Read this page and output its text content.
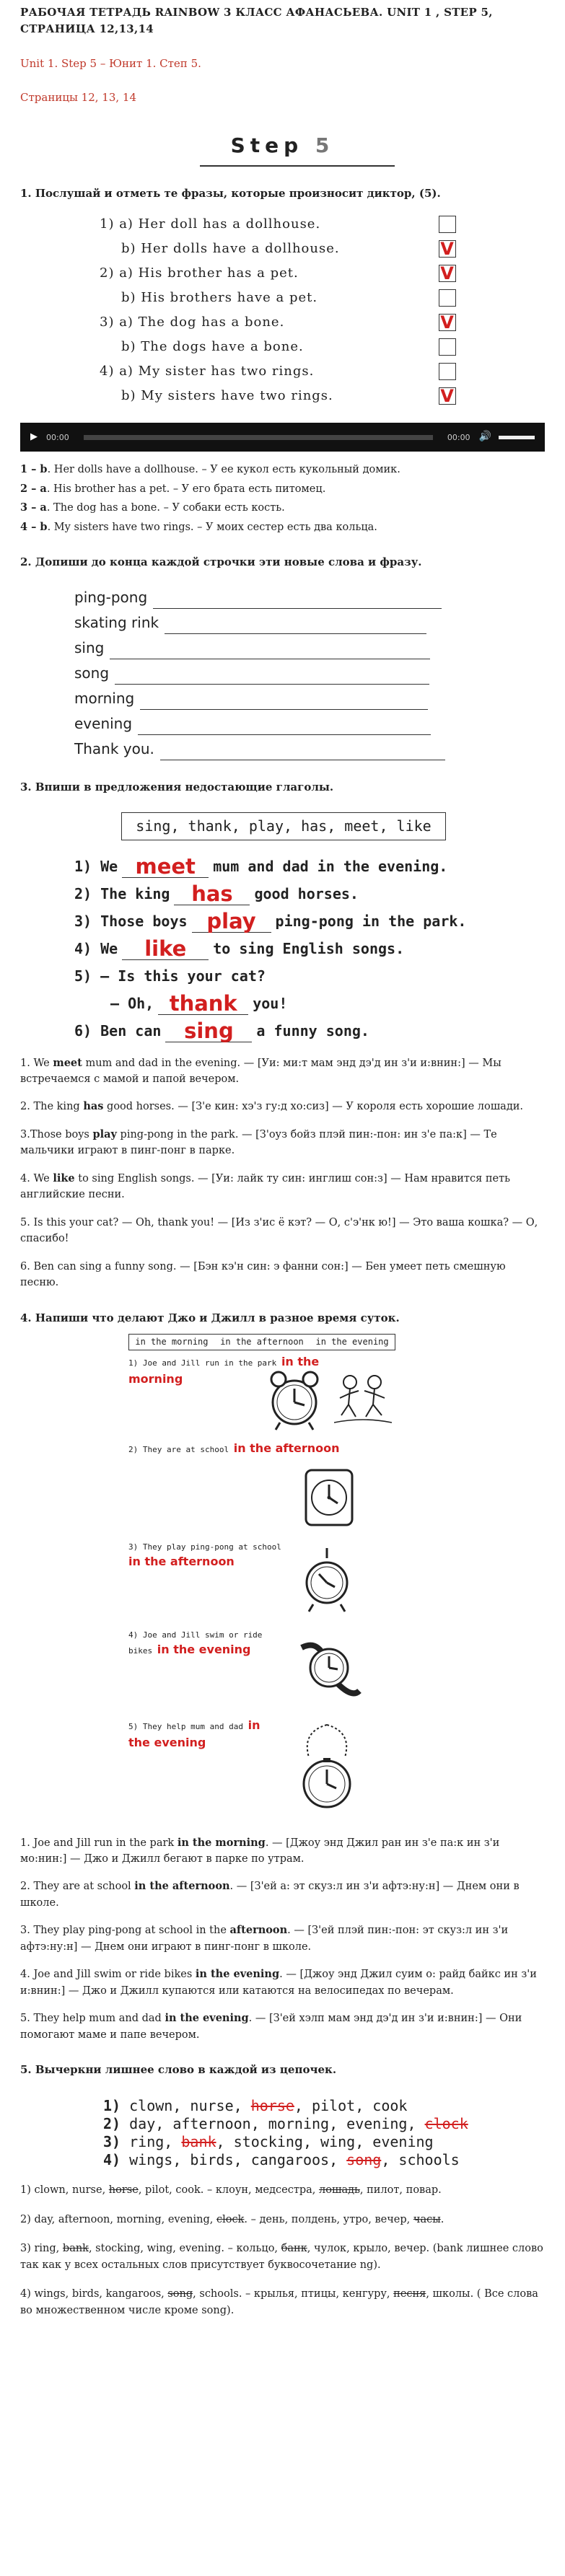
РАБОЧАЯ ТЕТРАДЬ RAINBOW 3 КЛАСС АФАНАСЬЕВА. UNIT 1 , STEP 5, СТРАНИЦА 12,13,14
Unit 1. Step 5 – Юнит 1. Степ 5.
Страницы 12, 13, 14
Step 5
1. Послушай и отметь те фразы, которые произносит диктор, (5).
1) a) Her doll has a dollhouse.
b) Her dolls have a dollhouse.	V
2) a) His brother has a pet.	V
b) His brothers have a pet.
3) a) The dog has a bone.	V
b) The dogs have a bone.
4) a) My sister has two rings.
b) My sisters have two rings.	V
▶ 00:00	00:00 🔊

1 – b. Her dolls have a dollhouse. – У ее кукол есть кукольный домик.

2 – a. His brother has a pet. – У его брата есть питомец.

3 – a. The dog has a bone. – У собаки есть кость.

4 – b. My sisters have two rings. – У моих сестер есть два кольца.

2. Допиши до конца каждой строчки эти новые слова и фразу.
ping-pong
skating rink
sing
song
morning
evening
Thank you.
3. Впиши в предложения недостающие глаголы.
sing, thank, play, has, meet, like
1) We meet	mum and dad in the evening.
2) The king	has	good horses.
3) Those boys play	ping-pong in the park.
4) We	like	to sing English songs.
5) — Is this your cat?
— Oh, thank	you!
6) Ben can	sing	a funny song.

1. We meet mum and dad in the evening. — [Уи: ми:т мам энд дэ'д ин з'и и:внин:] — Мы встречаемся с мамой и папой вечером.

2. The king has good horses. — [З'е кин: хэ'з гу:д хо:сиз] — У короля есть хорошие лошади.

3.Those boys play ping-pong in the park. — [З'оуз бойз плэй пин:-пон: ин з'е па:к] — Те мальчики играют в пинг-понг в парке.

4. We like to sing English songs. — [Уи: лайк ту син: инглиш сон:з] — Нам нравится петь английские песни.

5. Is this your cat? — Oh, thank you! — [Из з'ис ё кэт? — О, с'э'нк ю!] — Это ваша кошка? — О, спасибо!

6. Ben can sing a funny song. — [Бэн кэ'н син: э фанни сон:] — Бен умеет петь смешную песню.

4. Напиши что делают Джо и Джилл в разное время суток.
in the morning in the afternoon in the evening
1) Joe and Jill run in the park in the morning
2) They are at school in the afternoon
3) They play ping-pong at school in the afternoon
4) Joe and Jill swim or ride bikes in the evening
5) They help mum and dad in the evening

1. Joe and Jill run in the park in the morning. — [Джоу энд Джил ран ин з'е па:к ин з'и мо:нин:] — Джо и Джилл бегают в парке по утрам.

2. They are at school in the afternoon. — [З'ей а: эт скуз:л ин з'и афтэ:ну:н] — Днем они в школе.

3. They play ping-pong at school in the afternoon. — [З'ей плэй пин:-пон: эт скуз:л ин з'и афтэ:ну:н] — Днем они играют в пинг-понг в школе.

4. Joe and Jill swim or ride bikes in the evening. — [Джоу энд Джил суим о: райд байкс ин з'и и:внин:] — Джо и Джилл купаются или катаются на велосипедах по вечерам.

5. They help mum and dad in the evening. — [З'ей хэлп мам энд дэ'д ин з'и и:внин:] — Они помогают маме и папе вечером.

5. Вычеркни лишнее слово в каждой из цепочек.
1) clown, nurse, horse, pilot, cook
2) day, afternoon, morning, evening, clock
3) ring, bank, stocking, wing, evening
4) wings, birds, cangaroos, song, schools

1) clown, nurse, horse, pilot, cook. – клоун, медсестра, лошадь, пилот, повар.

2) day, afternoon, morning, evening, clock. – день, полдень, утро, вечер, часы.

3) ring, bank, stocking, wing, evening. – кольцо, банк, чулок, крыло, вечер. (bank лишнее слово так как у всех остальных слов присутствует буквосочетание ng).

4) wings, birds, kangaroos, song, schools. – крылья, птицы, кенгуру, песня, школы. ( Все слова во множественном числе кроме song).
